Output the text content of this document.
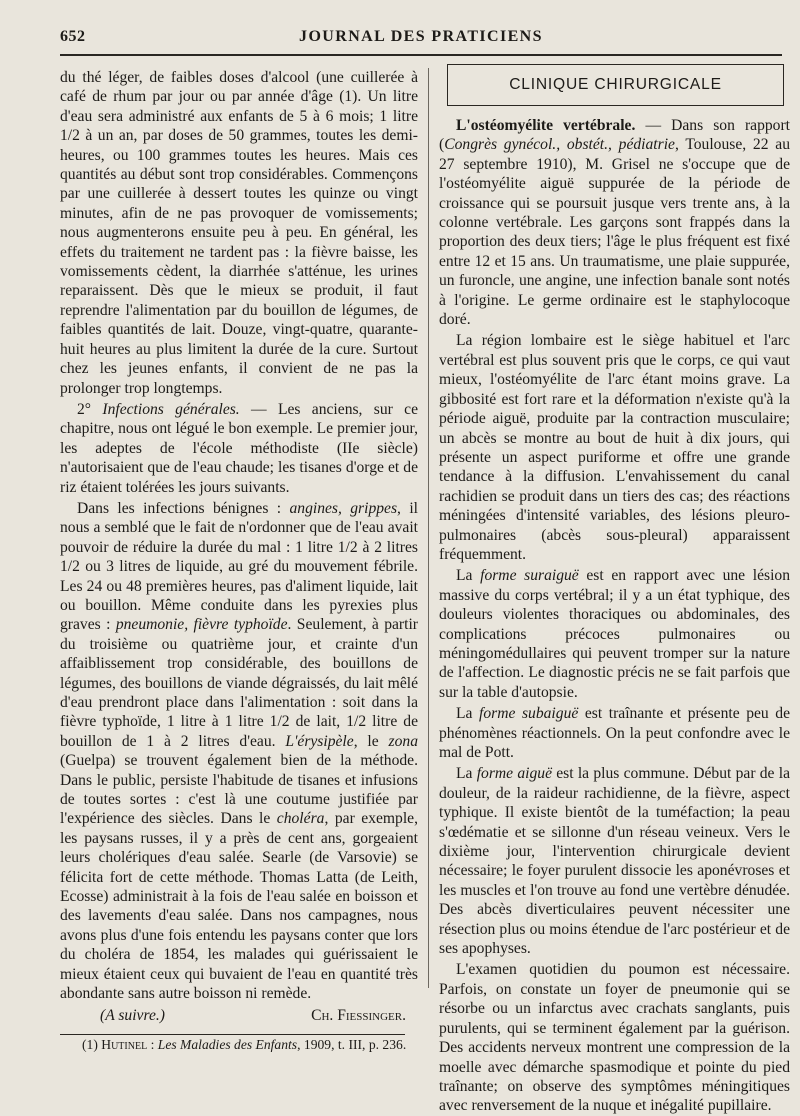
652	JOURNAL DES PRATICIENS

du thé léger, de faibles doses d'alcool (une cuillerée à café de rhum par jour ou par année d'âge (1). Un litre d'eau sera administré aux enfants de 5 à 6 mois; 1 litre 1/2 à un an, par doses de 50 grammes, toutes les demi-heures, ou 100 grammes toutes les heures. Mais ces quantités au début sont trop considérables. Commençons par une cuillerée à dessert toutes les quinze ou vingt minutes, afin de ne pas provoquer de vomissements; nous augmenterons ensuite peu à peu. En général, les effets du traitement ne tardent pas : la fièvre baisse, les vomissements cèdent, la diarrhée s'atténue, les urines reparaissent. Dès que le mieux se produit, il faut reprendre l'alimentation par du bouillon de légumes, de faibles quantités de lait. Douze, vingt-quatre, quarante-huit heures au plus limitent la durée de la cure. Surtout chez les jeunes enfants, il convient de ne pas la prolonger trop longtemps.

2° Infections générales. — Les anciens, sur ce chapitre, nous ont légué le bon exemple. Le premier jour, les adeptes de l'école méthodiste (IIe siècle) n'autorisaient que de l'eau chaude; les tisanes d'orge et de riz étaient tolérées les jours suivants.

Dans les infections bénignes : angines, grippes, il nous a semblé que le fait de n'ordonner que de l'eau avait pouvoir de réduire la durée du mal : 1 litre 1/2 à 2 litres 1/2 ou 3 litres de liquide, au gré du mouvement fébrile. Les 24 ou 48 premières heures, pas d'aliment liquide, lait ou bouillon. Même conduite dans les pyrexies plus graves : pneumonie, fièvre typhoïde. Seulement, à partir du troisième ou quatrième jour, et crainte d'un affaiblissement trop considérable, des bouillons de légumes, des bouillons de viande dégraissés, du lait mêlé d'eau prendront place dans l'alimentation : soit dans la fièvre typhoïde, 1 litre à 1 litre 1/2 de lait, 1/2 litre de bouillon de 1 à 2 litres d'eau. L'érysipèle, le zona (Guelpa) se trouvent également bien de la méthode. Dans le public, persiste l'habitude de tisanes et infusions de toutes sortes : c'est là une coutume justifiée par l'expérience des siècles. Dans le choléra, par exemple, les paysans russes, il y a près de cent ans, gorgeaient leurs cholériques d'eau salée. Searle (de Varsovie) se félicita fort de cette méthode. Thomas Latta (de Leith, Ecosse) administrait à la fois de l'eau salée en boisson et des lavements d'eau salée. Dans nos campagnes, nous avons plus d'une fois entendu les paysans conter que lors du choléra de 1854, les malades qui guérissaient le mieux étaient ceux qui buvaient de l'eau en quantité très abondante sans autre boisson ni remède.

(A suivre.)	Ch. Fiessinger.

(1) Hutinel : Les Maladies des Enfants, 1909, t. III, p. 236.

CLINIQUE CHIRURGICALE

L'ostéomyélite vertébrale. — Dans son rapport (Congrès gynécol., obstét., pédiatrie, Toulouse, 22 au 27 septembre 1910), M. Grisel ne s'occupe que de l'ostéomyélite aiguë suppurée de la période de croissance qui se poursuit jusque vers trente ans, à la colonne vertébrale. Les garçons sont frappés dans la proportion des deux tiers; l'âge le plus fréquent est fixé entre 12 et 15 ans. Un traumatisme, une plaie suppurée, un furoncle, une angine, une infection banale sont notés à l'origine. Le germe ordinaire est le staphylocoque doré.

La région lombaire est le siège habituel et l'arc vertébral est plus souvent pris que le corps, ce qui vaut mieux, l'ostéomyélite de l'arc étant moins grave. La gibbosité est fort rare et la déformation n'existe qu'à la période aiguë, produite par la contraction musculaire; un abcès se montre au bout de huit à dix jours, qui présente un aspect puriforme et offre une grande tendance à la diffusion. L'envahissement du canal rachidien se produit dans un tiers des cas; des réactions méningées d'intensité variables, des lésions pleuro-pulmonaires (abcès sous-pleural) apparaissent fréquemment.

La forme suraiguë est en rapport avec une lésion massive du corps vertébral; il y a un état typhique, des douleurs violentes thoraciques ou abdominales, des complications précoces pulmonaires ou méningomédullaires qui peuvent tromper sur la nature de l'affection. Le diagnostic précis ne se fait parfois que sur la table d'autopsie.

La forme subaiguë est traînante et présente peu de phénomènes réactionnels. On la peut confondre avec le mal de Pott.

La forme aiguë est la plus commune. Début par de la douleur, de la raideur rachidienne, de la fièvre, aspect typhique. Il existe bientôt de la tuméfaction; la peau s'œdématie et se sillonne d'un réseau veineux. Vers le dixième jour, l'intervention chirurgicale devient nécessaire; le foyer purulent dissocie les aponévroses et les muscles et l'on trouve au fond une vertèbre dénudée. Des abcès diverticulaires peuvent nécessiter une résection plus ou moins étendue de l'arc postérieur et de ses apophyses.

L'examen quotidien du poumon est nécessaire. Parfois, on constate un foyer de pneumonie qui se résorbe ou un infarctus avec crachats sanglants, puis purulents, qui se terminent également par la guérison. Des accidents nerveux montrent une compression de la moelle avec démarche spasmodique et pointe du pied traînante; on observe des symptômes méningitiques avec renversement de la nuque et inégalité pupillaire.
